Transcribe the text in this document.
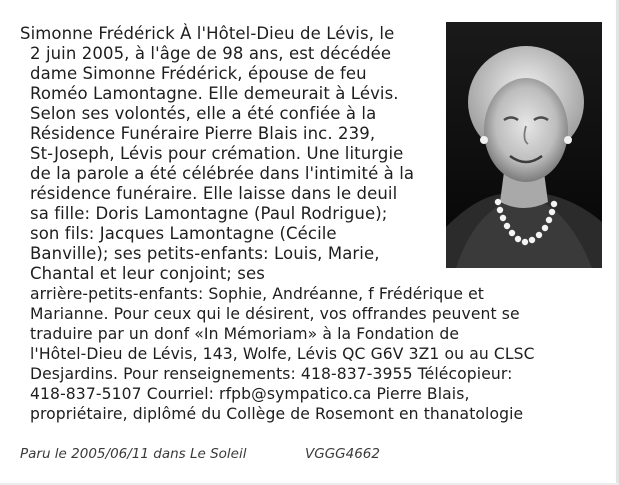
Simonne Frédérick À l'Hôtel-Dieu de Lévis, le
2 juin 2005, à l'âge de 98 ans, est décédée
dame Simonne Frédérick, épouse de feu
Roméo Lamontagne. Elle demeurait à Lévis.
Selon ses volontés, elle a été confiée à la
Résidence Funéraire Pierre Blais inc. 239,
St-Joseph, Lévis pour crémation. Une liturgie
de la parole a été célébrée dans l'intimité à la
résidence funéraire. Elle laisse dans le deuil
sa fille: Doris Lamontagne (Paul Rodrigue);
son fils: Jacques Lamontagne (Cécile
Banville); ses petits-enfants: Louis, Marie,
Chantal et leur conjoint; ses
arrière-petits-enfants: Sophie, Andréanne, f Frédérique et
Marianne. Pour ceux qui le désirent, vos offrandes peuvent se
traduire par un donf «In Mémoriam» à la Fondation de
l'Hôtel-Dieu de Lévis, 143, Wolfe, Lévis QC G6V 3Z1 ou au CLSC
Desjardins. Pour renseignements: 418-837-3955 Télécopieur:
418-837-5107 Courriel: rfpb@sympatico.ca Pierre Blais,
propriétaire, diplômé du Collège de Rosemont en thanatologie
Paru le 2005/06/11 dans Le Soleil	VGGG4662
